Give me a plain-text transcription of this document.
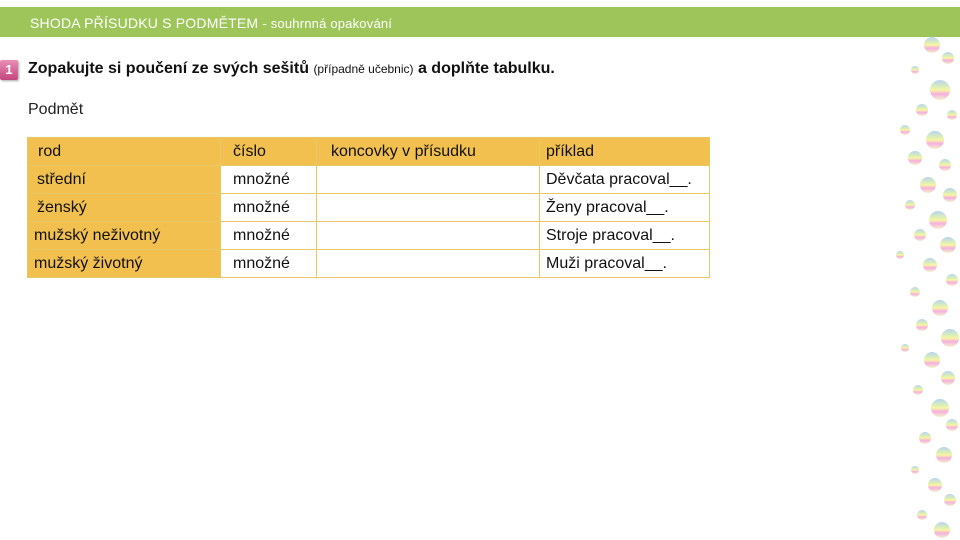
SHODA PŘÍSUDKU S PODMĚTEM - souhrnná opakování
1 Zopakujte si poučení ze svých sešitů (případně učebnic) a doplňte tabulku.
Podmět
rod	číslo	koncovky v přísudku	příklad
střední	množné		Děvčata pracoval__.
ženský	množné		Ženy pracoval__.
mužský neživotný	množné		Stroje pracoval__.
mužský životný	množné		Muži pracoval__.
